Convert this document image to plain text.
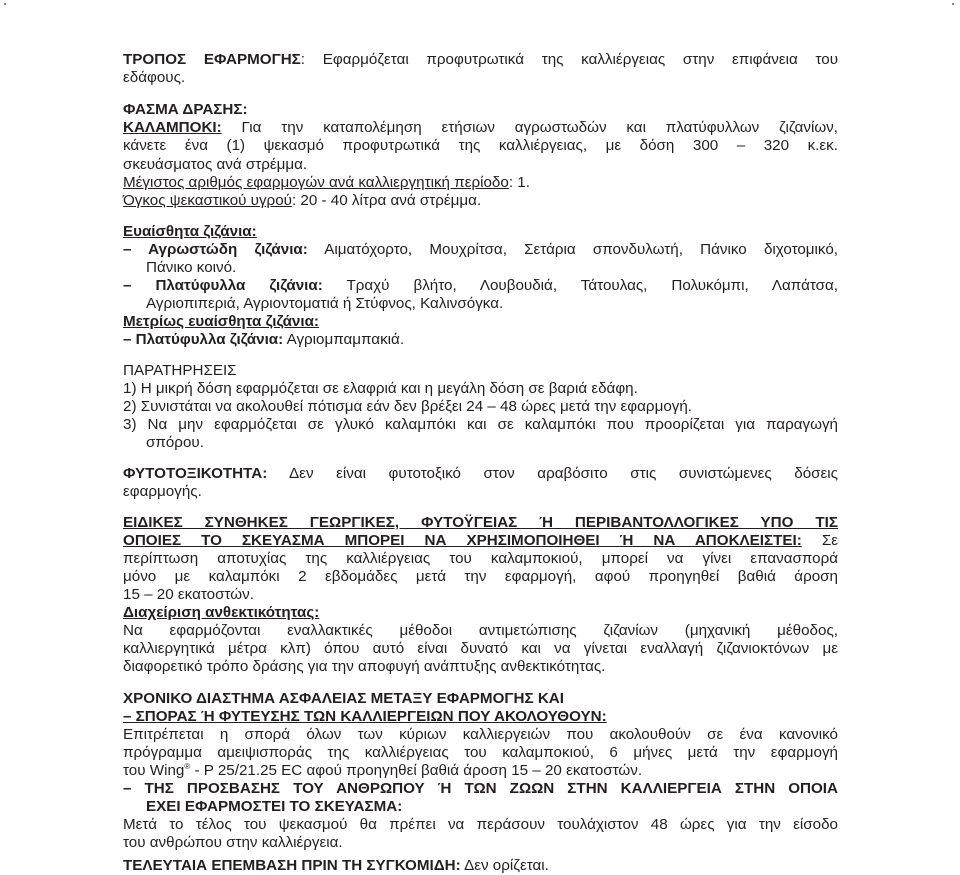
ΤΡΟΠΟΣ ΕΦΑΡΜΟΓΗΣ: Εφαρμόζεται προφυτρωτικά της καλλιέργειας στην επιφάνεια του
εδάφους.
ΦΑΣΜΑ ΔΡΑΣΗΣ:
ΚΑΛΑΜΠΟΚΙ: Για την καταπολέμηση ετήσιων αγρωστωδών και πλατύφυλλων ζιζανίων,
κάνετε ένα (1) ψεκασμό προφυτρωτικά της καλλιέργειας, με δόση 300 – 320 κ.εκ.
σκευάσματος ανά στρέμμα.
Μέγιστος αριθμός εφαρμογών ανά καλλιεργητική περίοδο: 1.
Όγκος ψεκαστικού υγρού: 20 - 40 λίτρα ανά στρέμμα.
Ευαίσθητα ζιζάνια:
– Αγρωστώδη ζιζάνια: Αιματόχορτο, Μουχρίτσα, Σετάρια σπονδυλωτή, Πάνικο διχοτομικό,
Πάνικο κοινό.
– Πλατύφυλλα ζιζάνια: Τραχύ βλήτο, Λουβουδιά, Τάτουλας, Πολυκόμπι, Λαπάτσα,
Αγριοπιπεριά, Αγριοντοματιά ή Στύφνος, Καλινσόγκα.
Μετρίως ευαίσθητα ζιζάνια:
– Πλατύφυλλα ζιζάνια: Αγριομπαμπακιά.
ΠΑΡΑΤΗΡΗΣΕΙΣ
1) Η μικρή δόση εφαρμόζεται σε ελαφριά και η μεγάλη δόση σε βαριά εδάφη.
2) Συνιστάται να ακολουθεί πότισμα εάν δεν βρέξει 24 – 48 ώρες μετά την εφαρμογή.
3) Να μην εφαρμόζεται σε γλυκό καλαμπόκι και σε καλαμπόκι που προορίζεται για παραγωγή
σπόρου.
ΦΥΤΟΤΟΞΙΚΟΤΗΤΑ: Δεν είναι φυτοτοξικό στον αραβόσιτο στις συνιστώμενες δόσεις
εφαρμογής.
ΕΙΔΙΚΕΣ ΣΥΝΘΗΚΕΣ ΓΕΩΡΓΙΚΕΣ, ΦΥΤΟΫΓΕΙΑΣ Ή ΠΕΡΙΒΑΝΤΟΛΛΟΓΙΚΕΣ ΥΠΟ ΤΙΣ
ΟΠΟΙΕΣ ΤΟ ΣΚΕΥΑΣΜΑ ΜΠΟΡΕΙ ΝΑ ΧΡΗΣΙΜΟΠΟΙΗΘΕΙ Ή ΝΑ ΑΠΟΚΛΕΙΣΤΕΙ: Σε
περίπτωση αποτυχίας της καλλιέργειας του καλαμποκιού, μπορεί να γίνει επανασπορά
μόνο με καλαμπόκι 2 εβδομάδες μετά την εφαρμογή, αφού προηγηθεί βαθιά άροση
15 – 20 εκατοστών.
Διαχείριση ανθεκτικότητας:
Να εφαρμόζονται εναλλακτικές μέθοδοι αντιμετώπισης ζιζανίων (μηχανική μέθοδος,
καλλιεργητικά μέτρα κλπ) όπου αυτό είναι δυνατό και να γίνεται εναλλαγή ζιζανιοκτόνων με
διαφορετικό τρόπο δράσης για την αποφυγή ανάπτυξης ανθεκτικότητας.
ΧΡΟΝΙΚΟ ΔΙΑΣΤΗΜΑ ΑΣΦΑΛΕΙΑΣ ΜΕΤΑΞΥ ΕΦΑΡΜΟΓΗΣ ΚΑΙ
– ΣΠΟΡΑΣ Ή ΦΥΤΕΥΣΗΣ ΤΩΝ ΚΑΛΛΙΕΡΓΕΙΩΝ ΠΟΥ ΑΚΟΛΟΥΘΟΥΝ:
Επιτρέπεται η σπορά όλων των κύριων καλλιεργειών που ακολουθούν σε ένα κανονικό
πρόγραμμα αμειψισποράς της καλλιέργειας του καλαμποκιού, 6 μήνες μετά την εφαρμογή
του Wing® - P 25/21.25 EC αφού προηγηθεί βαθιά άροση 15 – 20 εκατοστών.
– ΤΗΣ ΠΡΟΣΒΑΣΗΣ ΤΟΥ ΑΝΘΡΩΠΟΥ Ή ΤΩΝ ΖΩΩΝ ΣΤΗΝ ΚΑΛΛΙΕΡΓΕΙΑ ΣΤΗΝ ΟΠΟΙΑ
ΕΧΕΙ ΕΦΑΡΜΟΣΤΕΙ ΤΟ ΣΚΕΥΑΣΜΑ:
Μετά το τέλος του ψεκασμού θα πρέπει να περάσουν τουλάχιστον 48 ώρες για την είσοδο
του ανθρώπου στην καλλιέργεια.
ΤΕΛΕΥΤΑΙΑ ΕΠΕΜΒΑΣΗ ΠΡΙΝ ΤΗ ΣΥΓΚΟΜΙΔΗ: Δεν ορίζεται.
